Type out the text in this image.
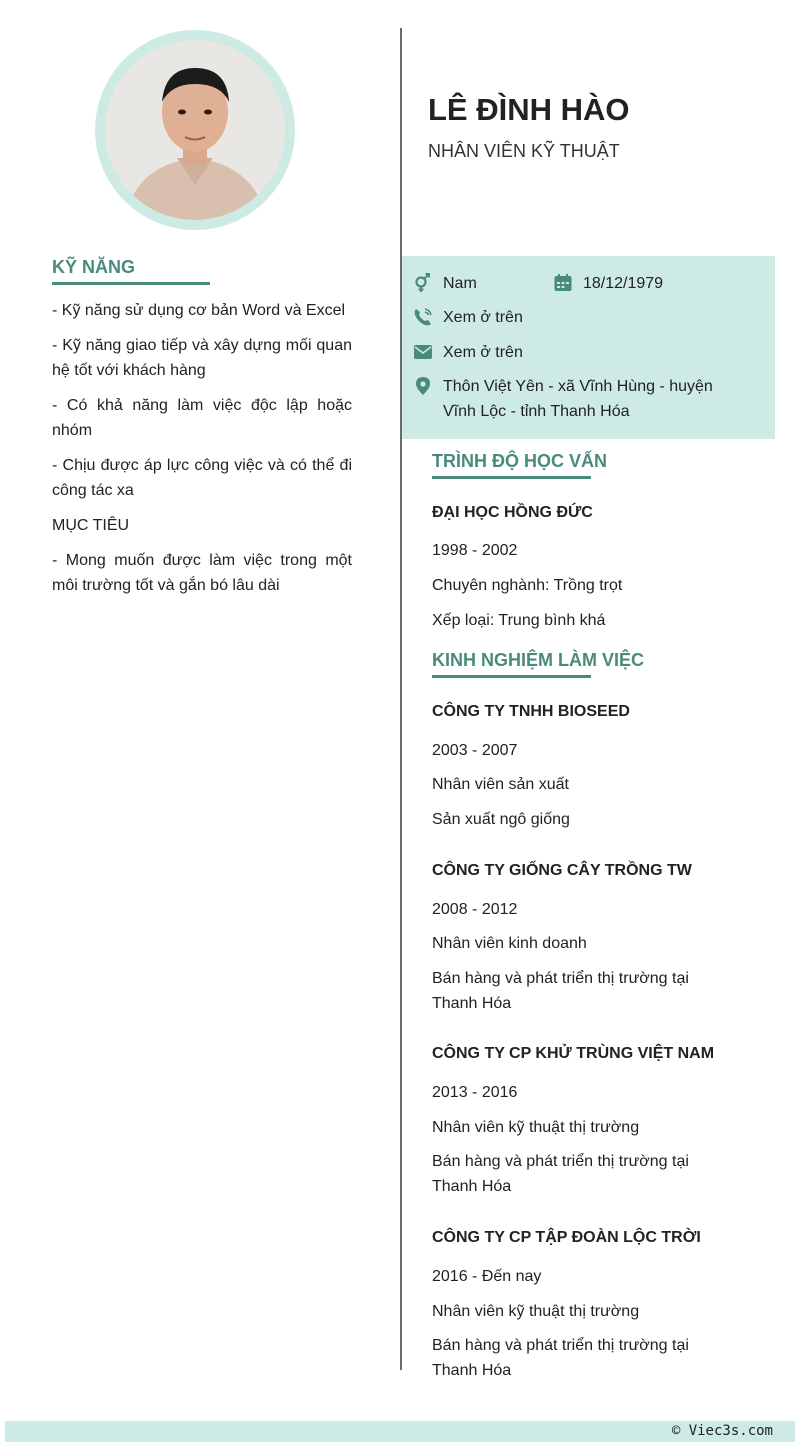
KỸ NĂNG

- Kỹ năng sử dụng cơ bản Word và Excel

- Kỹ năng giao tiếp và xây dựng mối quan hệ tốt với khách hàng

- Có khả năng làm việc độc lập hoặc nhóm

- Chịu được áp lực công việc và có thể đi công tác xa

MỤC TIÊU

- Mong muốn được làm việc trong một môi trường tốt và gắn bó lâu dài

LÊ ĐÌNH HÀO

NHÂN VIÊN KỸ THUẬT

Nam	18/12/1979
Xem ở trên
Xem ở trên
Thôn Việt Yên - xã Vĩnh Hùng - huyện
Vĩnh Lộc - tỉnh Thanh Hóa
TRÌNH ĐỘ HỌC VẤN

ĐẠI HỌC HỒNG ĐỨC

1998 - 2002

Chuyên nghành: Trồng trọt

Xếp loại: Trung bình khá

KINH NGHIỆM LÀM VIỆC

CÔNG TY TNHH BIOSEED

2003 - 2007

Nhân viên sản xuất

Sản xuất ngô giống

CÔNG TY GIỐNG CÂY TRỒNG TW

2008 - 2012

Nhân viên kinh doanh

Bán hàng và phát triển thị trường tại Thanh Hóa

CÔNG TY CP KHỬ TRÙNG VIỆT NAM

2013 - 2016

Nhân viên kỹ thuật thị trường

Bán hàng và phát triển thị trường tại Thanh Hóa

CÔNG TY CP TẬP ĐOÀN LỘC TRỜI

2016 - Đến nay

Nhân viên kỹ thuật thị trường

Bán hàng và phát triển thị trường tại Thanh Hóa

© Viec3s.com
